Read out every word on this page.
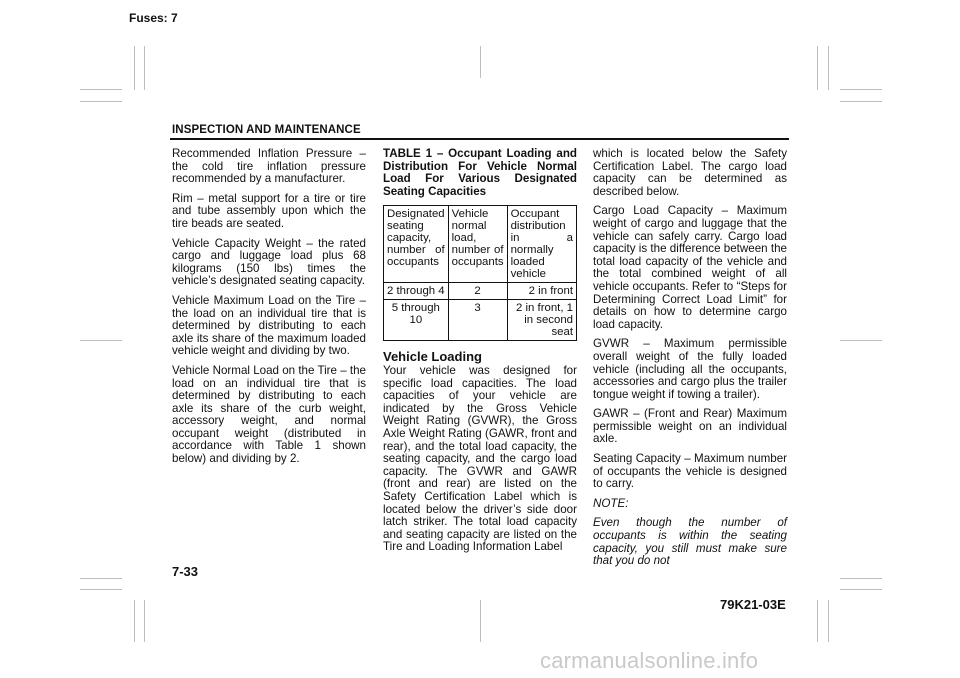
Fuses: 7
INSPECTION AND MAINTENANCE

Recommended Inflation Pressure – the cold tire inflation pressure recommended by a manufacturer.

Rim – metal support for a tire or tire and tube assembly upon which the tire beads are seated.

Vehicle Capacity Weight – the rated cargo and luggage load plus 68 kilograms (150 lbs) times the vehicle’s designated seating capacity.

Vehicle Maximum Load on the Tire – the load on an individual tire that is determined by distributing to each axle its share of the maximum loaded vehicle weight and dividing by two.

Vehicle Normal Load on the Tire – the load on an individual tire that is determined by distributing to each axle its share of the curb weight, accessory weight, and normal occupant weight (distributed in accordance with Table 1 shown below) and dividing by 2.

TABLE 1 – Occupant Loading and Distribution For Vehicle Normal Load For Various Designated Seating Capacities

Designated seating capacity, number of occupants	Vehicle normal load, number of occupants	Occupant distribution in a normally loaded vehicle
2 through 4	2	2 in front
5 through 10	3	2 in front, 1 in second seat
Vehicle Loading

Your vehicle was designed for specific load capacities. The load capacities of your vehicle are indicated by the Gross Vehicle Weight Rating (GVWR), the Gross Axle Weight Rating (GAWR, front and rear), and the total load capacity, the seating capacity, and the cargo load capacity. The GVWR and GAWR (front and rear) are listed on the Safety Certification Label which is located below the driver’s side door latch striker. The total load capacity and seating capacity are listed on the Tire and Loading Information Label

which is located below the Safety Certification Label. The cargo load capacity can be determined as described below.

Cargo Load Capacity – Maximum weight of cargo and luggage that the vehicle can safely carry. Cargo load capacity is the difference between the total load capacity of the vehicle and the total combined weight of all vehicle occupants. Refer to “Steps for Determining Correct Load Limit” for details on how to determine cargo load capacity.

GVWR – Maximum permissible overall weight of the fully loaded vehicle (including all the occupants, accessories and cargo plus the trailer tongue weight if towing a trailer).

GAWR – (Front and Rear) Maximum permissible weight on an individual axle.

Seating Capacity – Maximum number of occupants the vehicle is designed to carry.

NOTE:

Even though the number of occupants is within the seating capacity, you still must make sure that you do not

7-33
79K21-03E
carmanualsonline.info
